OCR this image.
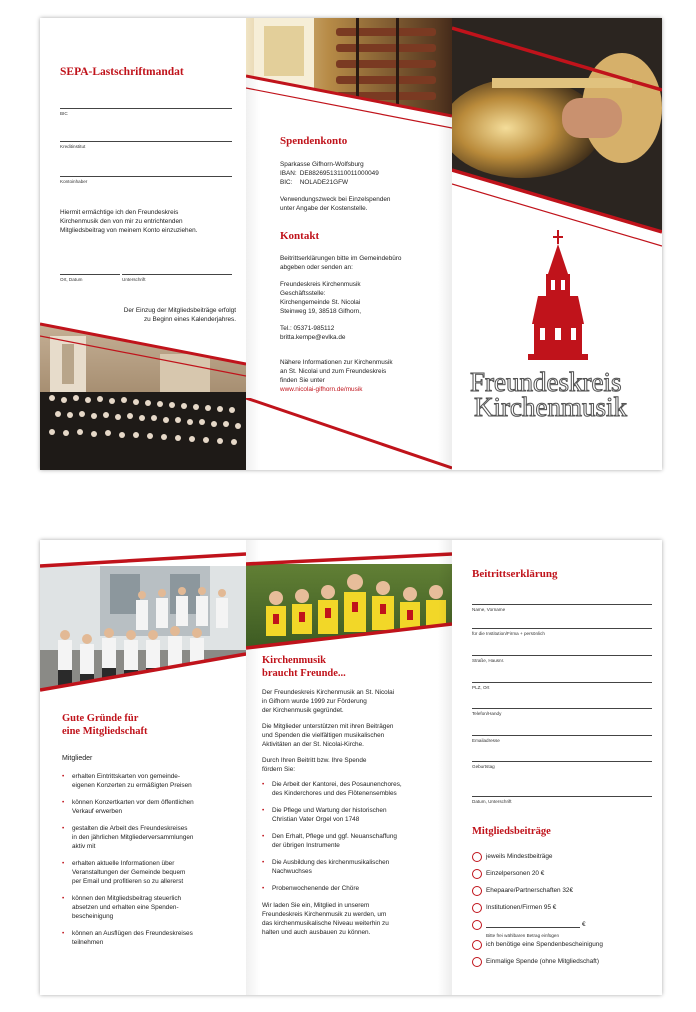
SEPA-Lastschriftmandat
BIC
Kreditinstitut
Kontoinhaber
Hiermit ermächtige ich den Freundeskreis
Kirchenmusik den von mir zu entrichtenden
Mitgliedsbeitrag von meinem Konto einzuziehen.
Ort, Datum	Unterschrift
Der Einzug der Mitgliedsbeiträge erfolgt
zu Beginn eines Kalenderjahres.
Spendenkonto
Sparkasse Gifhorn-Wolfsburg
IBAN: DE88269513110011000049
BIC: NOLADE21GFW
Verwendungszweck bei Einzelspenden
unter Angabe der Kostenstelle.
Kontakt
Beitrittserklärungen bitte im Gemeindebüro
abgeben oder senden an:
Freundeskreis Kirchenmusik
Geschäftsstelle:
Kirchengemeinde St. Nicolai
Steinweg 19, 38518 Gifhorn,
Tel.: 05371-985112
britta.kempe@evlka.de
Nähere Informationen zur Kirchenmusik
an St. Nicolai und zum Freundeskreis
finden Sie unter
www.nicolai-gifhorn.de/musik	Freundeskreis
Kirchenmusik
Gute Gründe für
eine Mitgliedschaft
Mitglieder
• erhalten Eintrittskarten von gemeinde-
eigenen Konzerten zu ermäßigten Preisen
• können Konzertkarten vor dem öffentlichen
Verkauf erwerben
• gestalten die Arbeit des Freundeskreises
in den jährlichen Mitgliederversammlungen
aktiv mit
• erhalten aktuelle Informationen über
Veranstaltungen der Gemeinde bequem
per Email und profitieren so zu allererst
• können den Mitgliedsbeitrag steuerlich
absetzen und erhalten eine Spenden-
bescheinigung
• können an Ausflügen des Freundeskreises
teilnehmen
Kirchenmusik
braucht Freunde...
Der Freundeskreis Kirchenmusik an St. Nicolai
in Gifhorn wurde 1999 zur Förderung
der Kirchenmusik gegründet.
Die Mitglieder unterstützen mit ihren Beiträgen
und Spenden die vielfältigen musikalischen
Aktivitäten an der St. Nicolai-Kirche.
Durch Ihren Beitritt bzw. Ihre Spende
fördern Sie:
• Die Arbeit der Kantorei, des Posaunenchores,
des Kinderchores und des Flötenensembles
• Die Pflege und Wartung der historischen
Christian Vater Orgel von 1748
• Den Erhalt, Pflege und ggf. Neuanschaffung
der übrigen Instrumente
• Die Ausbildung des kirchenmusikalischen
Nachwuchses
• Probenwochenende der Chöre
Wir laden Sie ein, Mitglied in unserem
Freundeskreis Kirchenmusik zu werden, um
das kirchenmusikalische Niveau weiterhin zu
halten und auch ausbauen zu können.
Beitrittserklärung
Name, Vorname
für die Institution/Firma + persönlich
Straße, Hausnr.
PLZ, Ort
Telefon/Handy
Emailadresse
Geburtstag
Datum, Unterschrift
Mitgliedsbeiträge
jeweils Mindestbeiträge
Einzelpersonen 20 €
Ehepaare/Partnerschaften 32€
Institutionen/Firmen 95 €
€
Bitte frei wählbaren Betrag einfügen
ich benötige eine Spendenbescheinigung
Einmalige Spende (ohne Mitgliedschaft)
